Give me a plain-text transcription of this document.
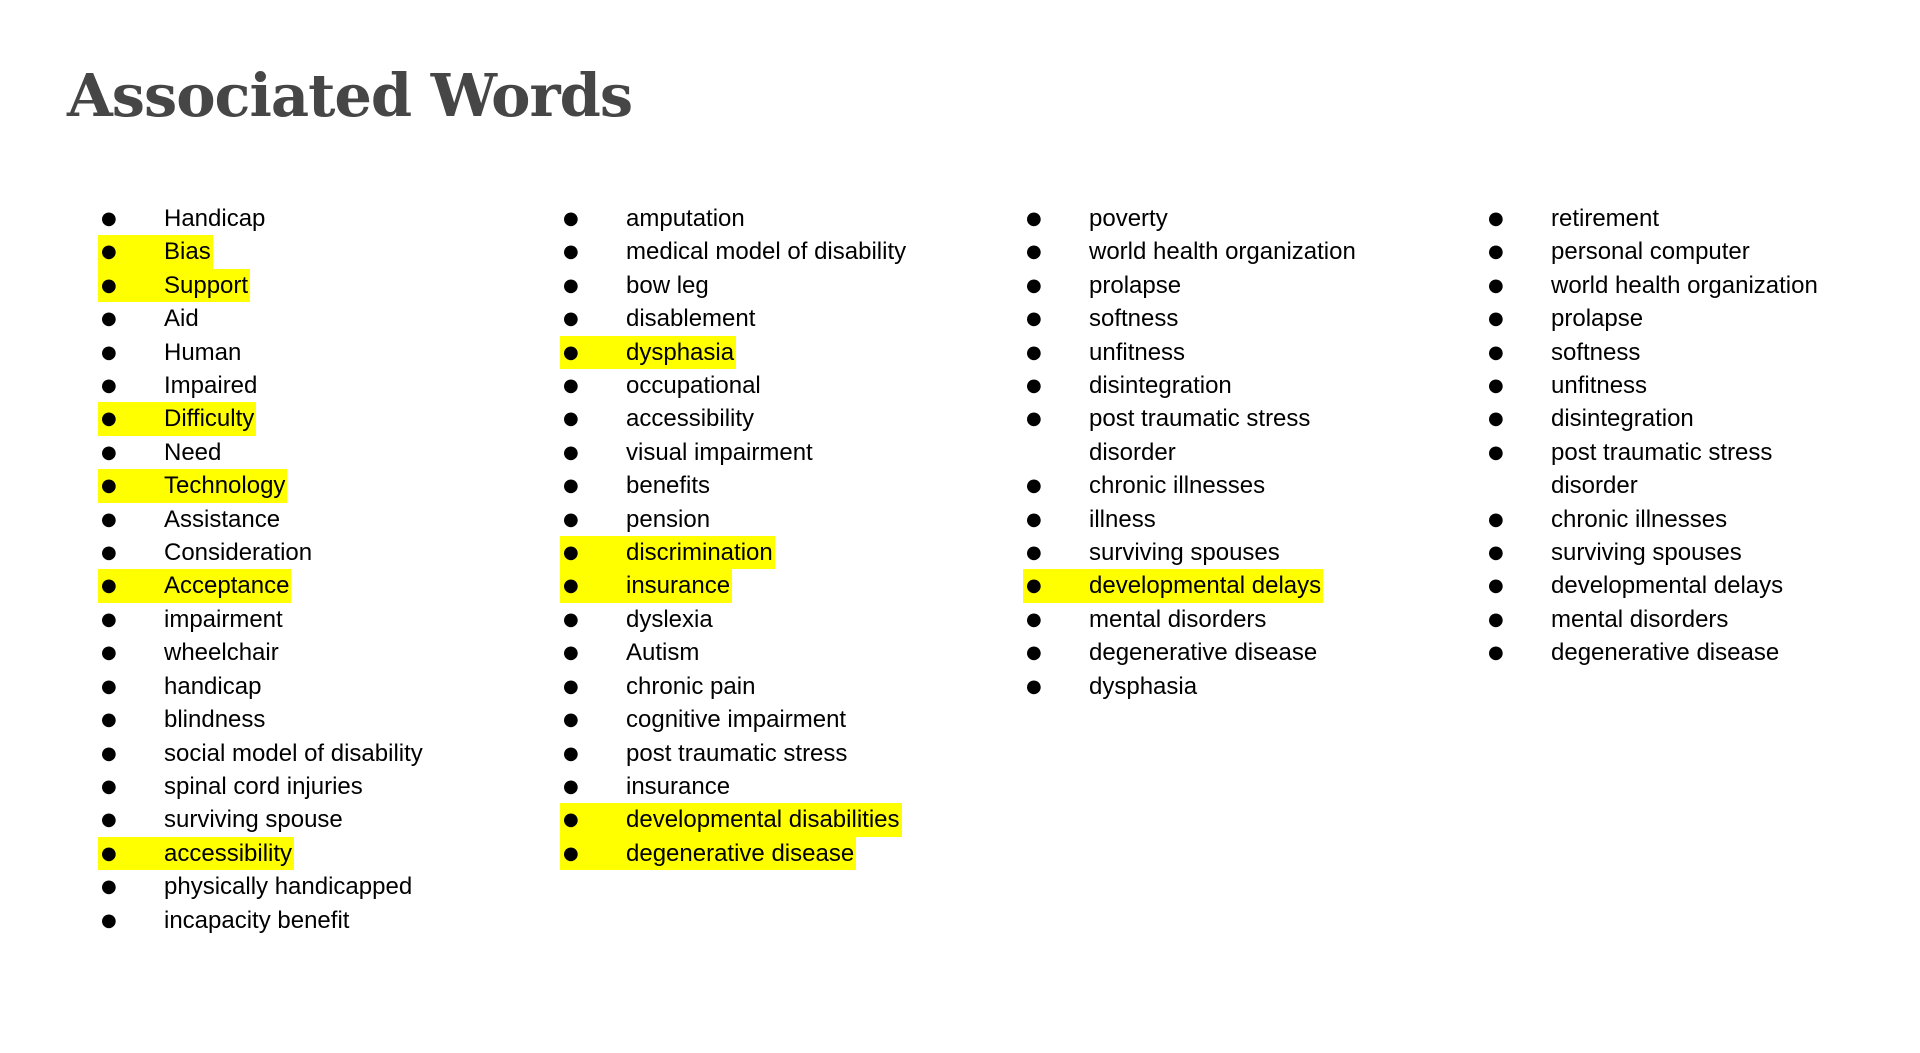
Associated Words
●	Handicap
●	Bias
●	Support
●	Aid
●	Human
●	Impaired
●	Difficulty
●	Need
●	Technology
●	Assistance
●	Consideration
●	Acceptance
●	impairment
●	wheelchair
●	handicap
●	blindness
●	social model of disability
●	spinal cord injuries
●	surviving spouse
●	accessibility
●	physically handicapped
●	incapacity benefit
●	amputation
●	medical model of disability
●	bow leg
●	disablement
●	dysphasia
●	occupational
●	accessibility
●	visual impairment
●	benefits
●	pension
●	discrimination
●	insurance
●	dyslexia
●	Autism
●	chronic pain
●	cognitive impairment
●	post traumatic stress
●	insurance
●	developmental disabilities
●	degenerative disease
●	poverty
●	world health organization
●	prolapse
●	softness
●	unfitness
●	disintegration
●	post traumatic stress disorder
●	chronic illnesses
●	illness
●	surviving spouses
●	developmental delays
●	mental disorders
●	degenerative disease
●	dysphasia
●	retirement
●	personal computer
●	world health organization
●	prolapse
●	softness
●	unfitness
●	disintegration
●	post traumatic stress disorder
●	chronic illnesses
●	surviving spouses
●	developmental delays
●	mental disorders
●	degenerative disease
